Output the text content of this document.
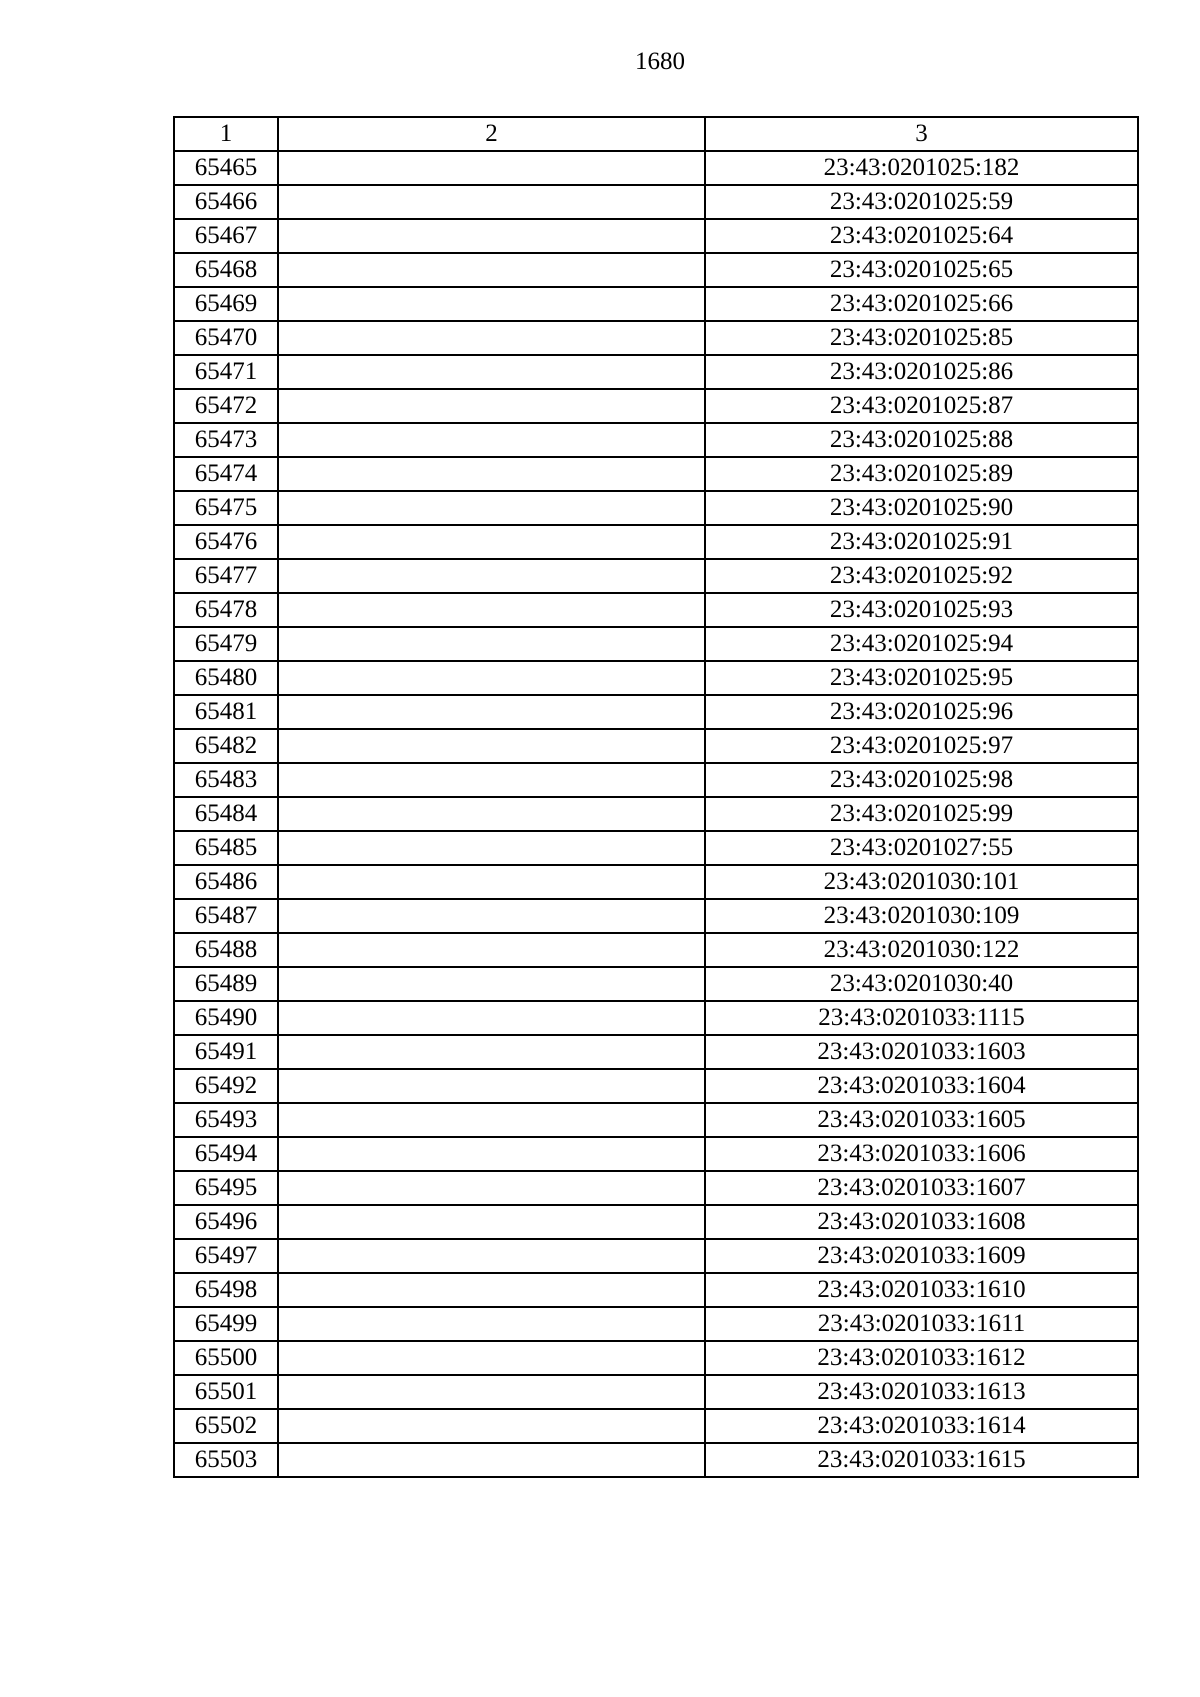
1680
1	2	3
65465		23:43:0201025:182
65466		23:43:0201025:59
65467		23:43:0201025:64
65468		23:43:0201025:65
65469		23:43:0201025:66
65470		23:43:0201025:85
65471		23:43:0201025:86
65472		23:43:0201025:87
65473		23:43:0201025:88
65474		23:43:0201025:89
65475		23:43:0201025:90
65476		23:43:0201025:91
65477		23:43:0201025:92
65478		23:43:0201025:93
65479		23:43:0201025:94
65480		23:43:0201025:95
65481		23:43:0201025:96
65482		23:43:0201025:97
65483		23:43:0201025:98
65484		23:43:0201025:99
65485		23:43:0201027:55
65486		23:43:0201030:101
65487		23:43:0201030:109
65488		23:43:0201030:122
65489		23:43:0201030:40
65490		23:43:0201033:1115
65491		23:43:0201033:1603
65492		23:43:0201033:1604
65493		23:43:0201033:1605
65494		23:43:0201033:1606
65495		23:43:0201033:1607
65496		23:43:0201033:1608
65497		23:43:0201033:1609
65498		23:43:0201033:1610
65499		23:43:0201033:1611
65500		23:43:0201033:1612
65501		23:43:0201033:1613
65502		23:43:0201033:1614
65503		23:43:0201033:1615
